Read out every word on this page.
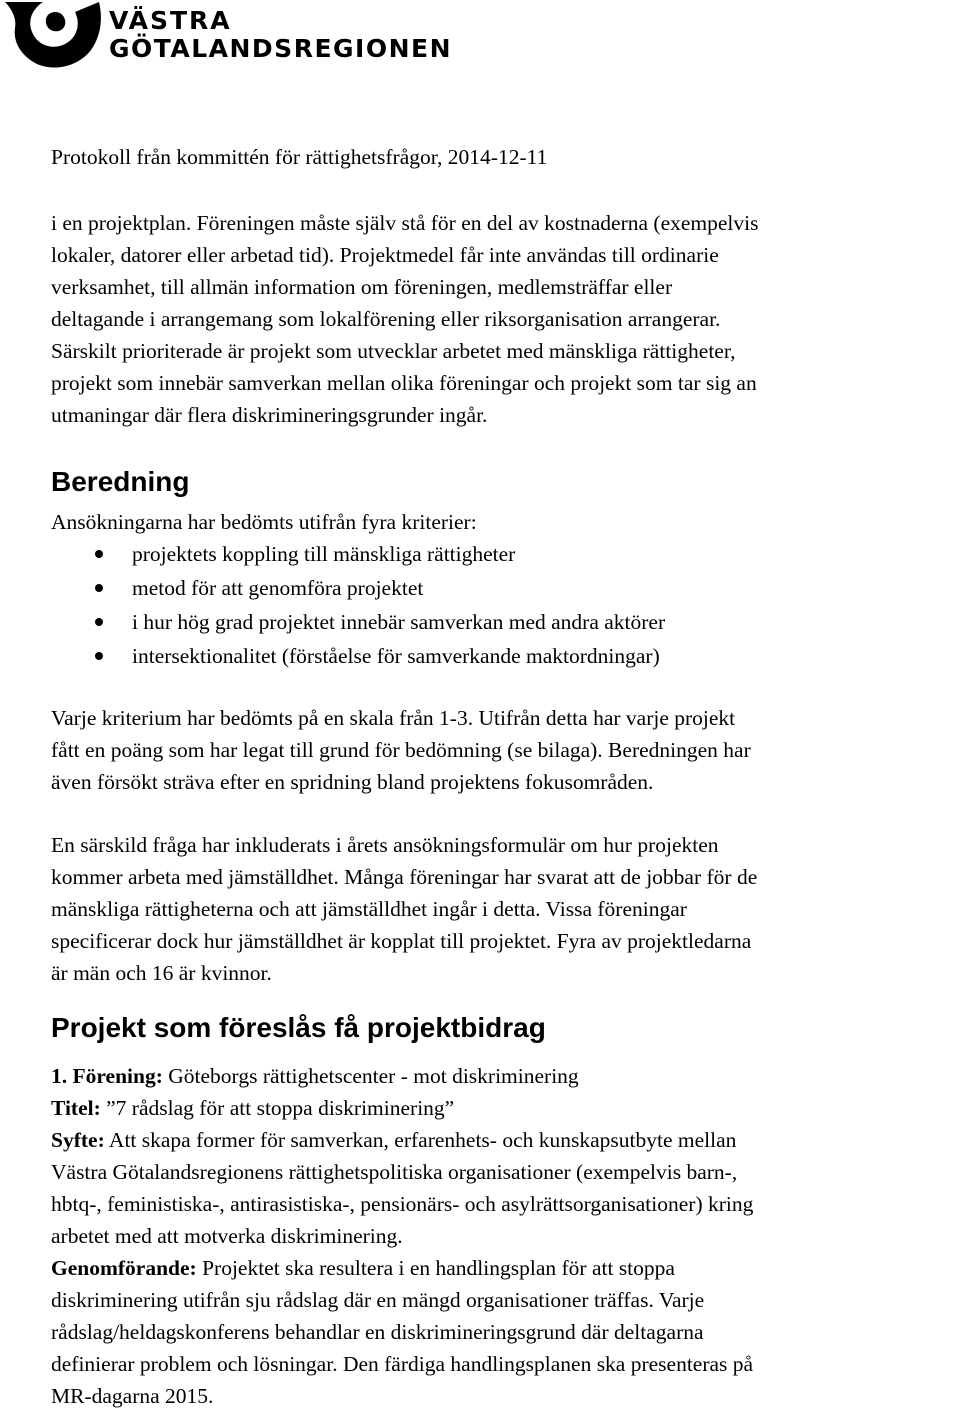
VÄSTRA
GÖTALANDSREGIONEN
Protokoll från kommittén för rättighetsfrågor, 2014-12-11
i en projektplan. Föreningen måste själv stå för en del av kostnaderna (exempelvis
lokaler, datorer eller arbetad tid). Projektmedel får inte användas till ordinarie
verksamhet, till allmän information om föreningen, medlemsträffar eller
deltagande i arrangemang som lokalförening eller riksorganisation arrangerar.
Särskilt prioriterade är projekt som utvecklar arbetet med mänskliga rättigheter,
projekt som innebär samverkan mellan olika föreningar och projekt som tar sig an
utmaningar där flera diskrimineringsgrunder ingår.
Beredning
Ansökningarna har bedömts utifrån fyra kriterier:
projektets koppling till mänskliga rättigheter
metod för att genomföra projektet
i hur hög grad projektet innebär samverkan med andra aktörer
intersektionalitet (förståelse för samverkande maktordningar)
Varje kriterium har bedömts på en skala från 1-3. Utifrån detta har varje projekt
fått en poäng som har legat till grund för bedömning (se bilaga). Beredningen har
även försökt sträva efter en spridning bland projektens fokusområden.
En särskild fråga har inkluderats i årets ansökningsformulär om hur projekten
kommer arbeta med jämställdhet. Många föreningar har svarat att de jobbar för de
mänskliga rättigheterna och att jämställdhet ingår i detta. Vissa föreningar
specificerar dock hur jämställdhet är kopplat till projektet. Fyra av projektledarna
är män och 16 är kvinnor.
Projekt som föreslås få projektbidrag
1. Förening: Göteborgs rättighetscenter - mot diskriminering
Titel: ”7 rådslag för att stoppa diskriminering”
Syfte: Att skapa former för samverkan, erfarenhets- och kunskapsutbyte mellan
Västra Götalandsregionens rättighetspolitiska organisationer (exempelvis barn-,
hbtq-, feministiska-, antirasistiska-, pensionärs- och asylrättsorganisationer) kring
arbetet med att motverka diskriminering.
Genomförande: Projektet ska resultera i en handlingsplan för att stoppa
diskriminering utifrån sju rådslag där en mängd organisationer träffas. Varje
rådslag/heldagskonferens behandlar en diskrimineringsgrund där deltagarna
definierar problem och lösningar. Den färdiga handlingsplanen ska presenteras på
MR-dagarna 2015.
